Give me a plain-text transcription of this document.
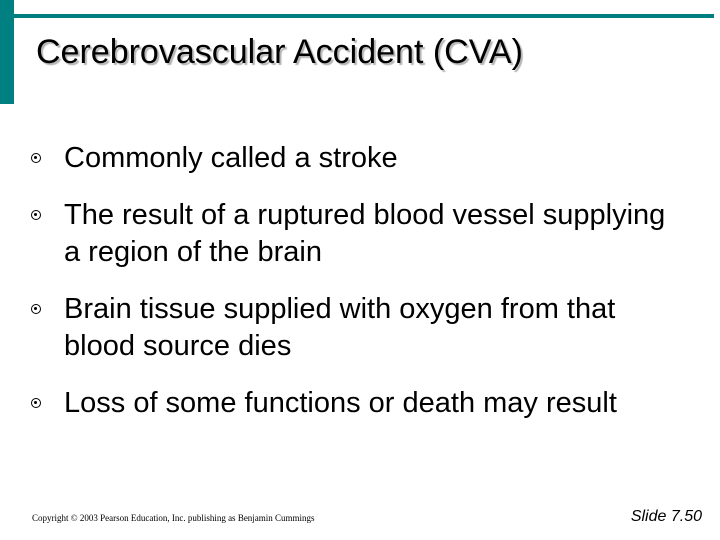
Cerebrovascular Accident (CVA)
Commonly called a stroke
The result of a ruptured blood vessel supplying a region of the brain
Brain tissue supplied with oxygen from that blood source dies
Loss of some functions or death may result
Copyright © 2003 Pearson Education, Inc. publishing as Benjamin Cummings	Slide 7.50
